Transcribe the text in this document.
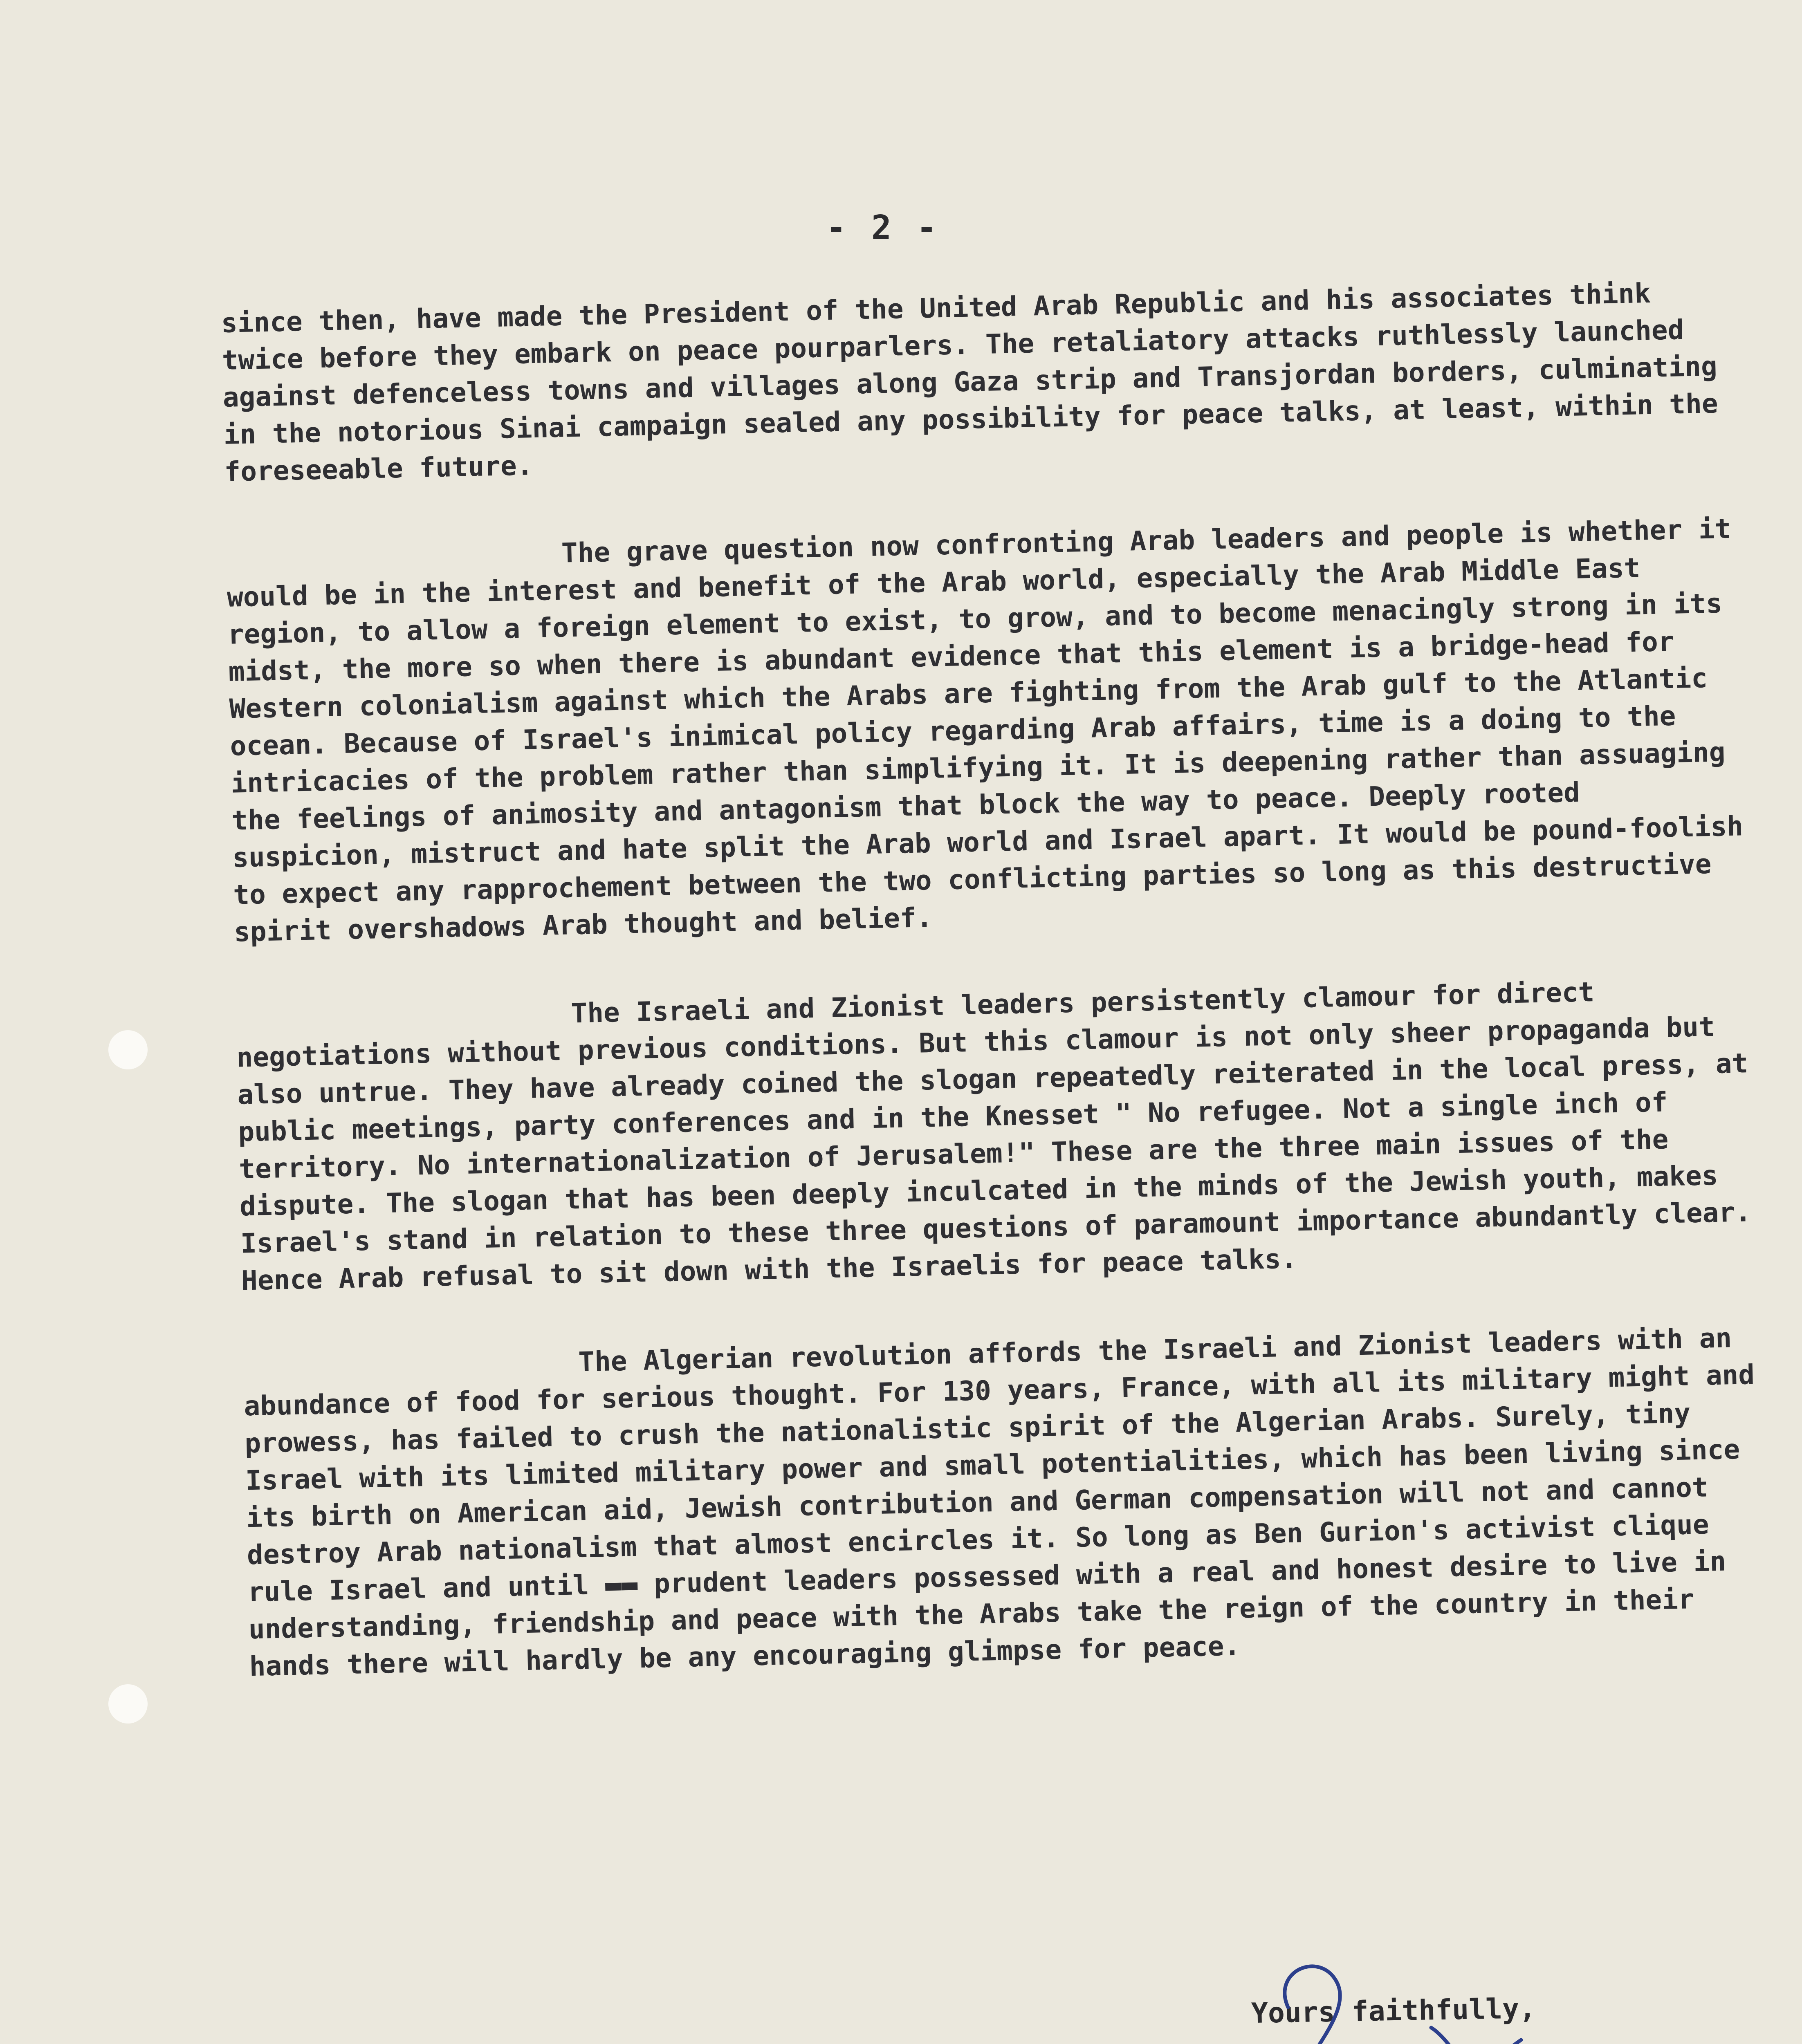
- 2 -

since then, have made the President of the United Arab Republic and his associates think twice before they embark on peace pourparlers. The retaliatory attacks ruthlessly launched against defenceless towns and villages along Gaza strip and Transjordan borders, culminating in the notorious Sinai campaign sealed any possibility for peace talks, at least, within the foreseeable future.

The grave question now confronting Arab leaders and people is whether it would be in the interest and benefit of the Arab world, especially the Arab Middle East region, to allow a foreign element to exist, to grow, and to become menacingly strong in its midst, the more so when there is abundant evidence that this element is a bridge-head for Western colonialism against which the Arabs are fighting from the Arab gulf to the Atlantic ocean. Because of Israel's inimical policy regarding Arab affairs, time is a doing to the intricacies of the problem rather than simplifying it. It is deepening rather than assuaging the feelings of animosity and antagonism that block the way to peace. Deeply rooted suspicion, mistruct and hate split the Arab world and Israel apart. It would be pound-foolish to expect any rapprochement between the two conflicting parties so long as this destructive spirit overshadows Arab thought and belief.

The Israeli and Zionist leaders persistently clamour for direct negotiations without previous conditions. But this clamour is not only sheer propaganda but also untrue. They have already coined the slogan repeatedly reiterated in the local press, at public meetings, party conferences and in the Knesset " No refugee. Not a single inch of territory. No internationalization of Jerusalem!" These are the three main issues of the dispute. The slogan that has been deeply inculcated in the minds of the Jewish youth, makes Israel's stand in relation to these three questions of paramount importance abundantly clear. Hence Arab refusal to sit down with the Israelis for peace talks.

The Algerian revolution affords the Israeli and Zionist leaders with an abundance of food for serious thought. For 130 years, France, with all its military might and prowess, has failed to crush the nationalistic spirit of the Algerian Arabs. Surely, tiny Israel with its limited military power and small potentialities, which has been living since its birth on American aid, Jewish contribution and German compensation will not and cannot destroy Arab nationalism that almost encircles it. So long as Ben Gurion's activist clique rule Israel and until ▬▬ prudent leaders possessed with a real and honest desire to live in understanding, friendship and peace with the Arabs take the reign of the country in their hands there will hardly be any encouraging glimpse for peace.

Yours faithfully,
